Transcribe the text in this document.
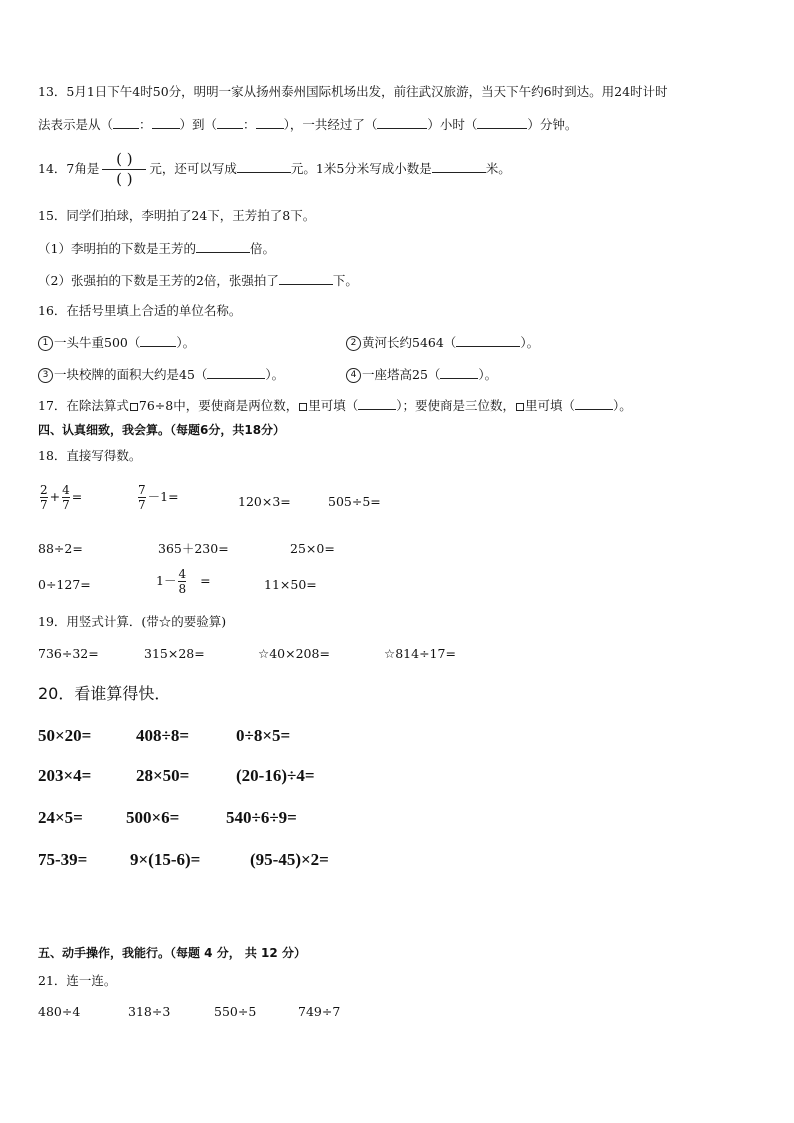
13．5月1日下午4时50分，明明一家从扬州泰州国际机场出发，前往武汉旅游，当天下午约6时到达。用24时计时
法表示是从（ ： ）到（ ： ），一共经过了（	）小时（	）分钟。
14．7角是
( )
( )
元，还可以写成	元。1米5分米写成小数是	米。
15．同学们拍球，李明拍了24下，王芳拍了8下。
（1）李明拍的下数是王芳的	倍。
（2）张强拍的下数是王芳的2倍，张强拍了	下。
16．在括号里填上合适的单位名称。
1 一头牛重500（	）。	2 黄河长约5464（	）。
3 一块校牌的面积大约是45（	）。	4 一座塔高25（	）。
17．在除法算式 76÷8中，要使商是两位数， 里可填（	）；要使商是三位数， 里可填（	）。
四、认真细致，我会算。（每题6分，共18分）
18．直接写得数。
$\frac{2}{7} + \frac{4}{7}$ =	$\frac{7}{7} -1=$	120×3=	505÷5=
88÷2=	365＋230=	25×0=
0÷127=	$1- \frac{4}{8}$ =	11×50=
19．用竖式计算．(带☆的要验算)
736÷32=	315×28=	☆40×208=	☆814÷17=
20．看谁算得快．
50×20=	408÷8=	0÷8×5=
203×4=	28×50=	(20-16)÷4=
24×5=	500×6=	540÷6÷9=
75-39=	9×(15-6)=	(95-45)×2=
五、动手操作，我能行。（每题 4 分， 共 12 分）
21．连一连。
480÷4	318÷3	550÷5	749÷7
